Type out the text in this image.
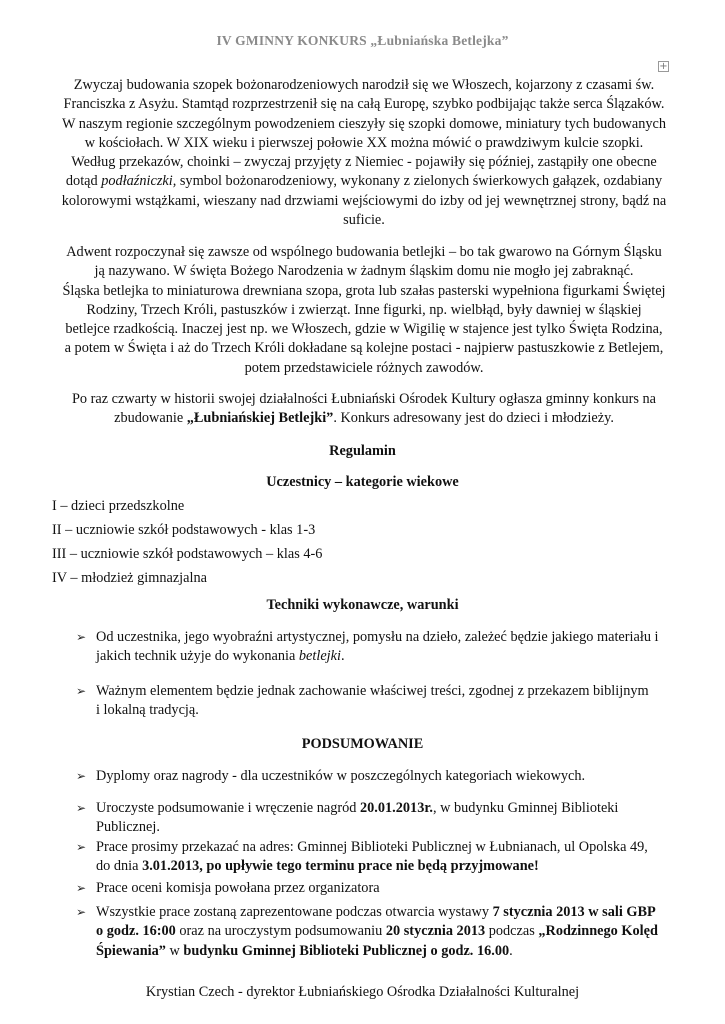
IV GMINNY KONKURS „Łubniańska Betlejka”
+
Zwyczaj budowania szopek bożonarodzeniowych narodził się we Włoszech, kojarzony z czasami św.
Franciszka z Asyżu. Stamtąd rozprzestrzenił się na całą Europę, szybko podbijając także serca Ślązaków.
W naszym regionie szczególnym powodzeniem cieszyły się szopki domowe, miniatury tych budowanych
w kościołach. W XIX wieku i pierwszej połowie XX można mówić o prawdziwym kulcie szopki.
Według przekazów, choinki – zwyczaj przyjęty z Niemiec - pojawiły się później, zastąpiły one obecne
dotąd podłaźniczki, symbol bożonarodzeniowy, wykonany z zielonych świerkowych gałązek, ozdabiany
kolorowymi wstążkami, wieszany nad drzwiami wejściowymi do izby od jej wewnętrznej strony, bądź na
suficie.
Adwent rozpoczynał się zawsze od wspólnego budowania betlejki – bo tak gwarowo na Górnym Śląsku
ją nazywano. W święta Bożego Narodzenia w żadnym śląskim domu nie mogło jej zabraknąć.
Śląska betlejka to miniaturowa drewniana szopa, grota lub szałas pasterski wypełniona figurkami Świętej
Rodziny, Trzech Króli, pastuszków i zwierząt. Inne figurki, np. wielbłąd, były dawniej w śląskiej
betlejce rzadkością. Inaczej jest np. we Włoszech, gdzie w Wigilię w stajence jest tylko Święta Rodzina,
a potem w Święta i aż do Trzech Króli dokładane są kolejne postaci - najpierw pastuszkowie z Betlejem,
potem przedstawiciele różnych zawodów.
Po raz czwarty w historii swojej działalności Łubniański Ośrodek Kultury ogłasza gminny konkurs na
zbudowanie „Łubniańskiej Betlejki”. Konkurs adresowany jest do dzieci i młodzieży.
Regulamin
Uczestnicy – kategorie wiekowe
I – dzieci przedszkolne
II – uczniowie szkół podstawowych - klas 1-3
III – uczniowie szkół podstawowych – klas 4-6
IV – młodzież gimnazjalna
Techniki wykonawcze, warunki
➢ Od uczestnika, jego wyobraźni artystycznej, pomysłu na dzieło, zależeć będzie jakiego materiału i
jakich technik użyje do wykonania betlejki.
➢ Ważnym elementem będzie jednak zachowanie właściwej treści, zgodnej z przekazem biblijnym
i lokalną tradycją.
PODSUMOWANIE
➢ Dyplomy oraz nagrody - dla uczestników w poszczególnych kategoriach wiekowych.
➢ Uroczyste podsumowanie i wręczenie nagród 20.01.2013r., w budynku Gminnej Biblioteki
Publicznej.
➢ Prace prosimy przekazać na adres: Gminnej Biblioteki Publicznej w Łubnianach, ul Opolska 49,
do dnia 3.01.2013, po upływie tego terminu prace nie będą przyjmowane!
➢ Prace oceni komisja powołana przez organizatora
➢ Wszystkie prace zostaną zaprezentowane podczas otwarcia wystawy 7 stycznia 2013 w sali GBP
o godz. 16:00 oraz na uroczystym podsumowaniu 20 stycznia 2013 podczas „Rodzinnego Kolęd
Śpiewania” w budynku Gminnej Biblioteki Publicznej o godz. 16.00.
Krystian Czech - dyrektor Łubniańskiego Ośrodka Działalności Kulturalnej
